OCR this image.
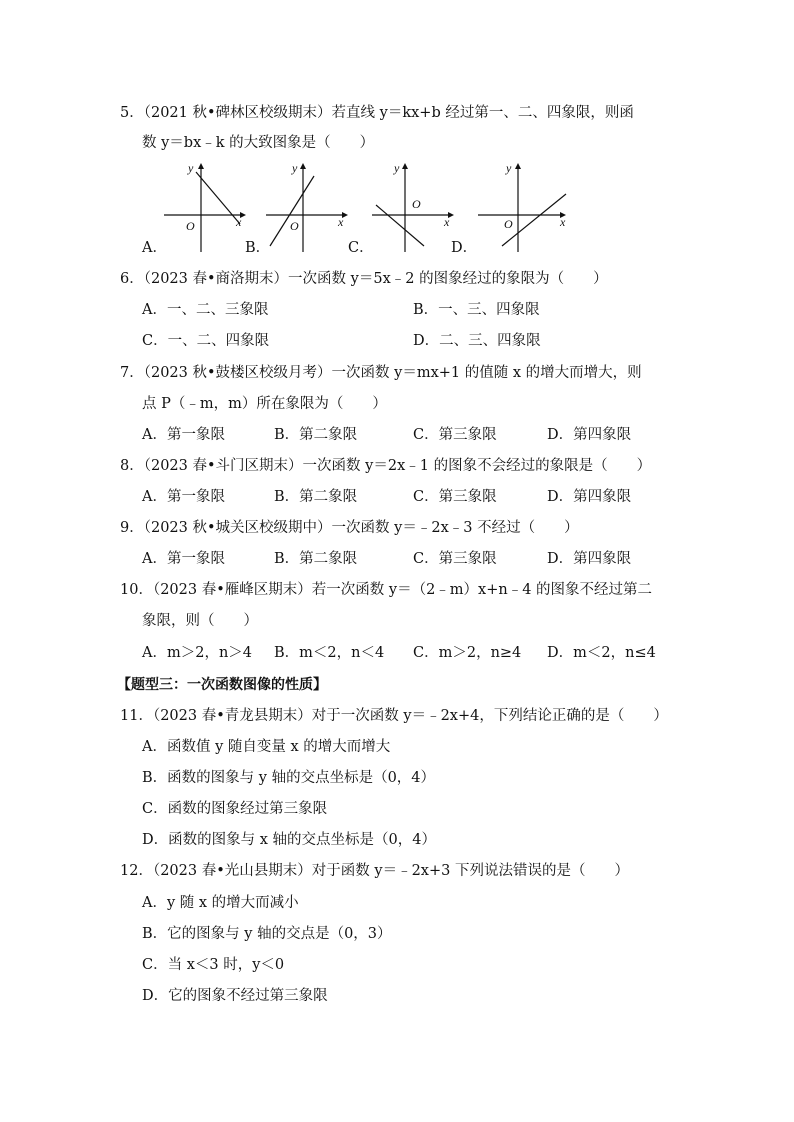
5．（2021 秋•碑林区校级期末）若直线 y＝kx+b 经过第一、二、四象限，则函
数 y＝bx﹣k 的大致图象是（　　）
A．
y
x
O
B．
y
x
O
C．
y
x
O
D．
y
x
O
6．（2023 春•商洛期末）一次函数 y＝5x﹣2 的图象经过的象限为（　　）
A．一、二、三象限	B．一、三、四象限
C．一、二、四象限	D．二、三、四象限
7．（2023 秋•鼓楼区校级月考）一次函数 y＝mx+1 的值随 x 的增大而增大，则
点 P（﹣m，m）所在象限为（　　）
A．第一象限	B．第二象限	C．第三象限	D．第四象限
8．（2023 春•斗门区期末）一次函数 y＝2x﹣1 的图象不会经过的象限是（　　）
A．第一象限	B．第二象限	C．第三象限	D．第四象限
9．（2023 秋•城关区校级期中）一次函数 y＝﹣2x﹣3 不经过（　　）
A．第一象限	B．第二象限	C．第三象限	D．第四象限
10．（2023 春•雁峰区期末）若一次函数 y＝（2﹣m）x+n﹣4 的图象不经过第二
象限，则（　　）
A．m＞2，n＞4 B．m＜2，n＜4 C．m＞2，n≥4 D．m＜2，n≤4
【题型三：一次函数图像的性质】
11．（2023 春•青龙县期末）对于一次函数 y＝﹣2x+4，下列结论正确的是（　　）
A．函数值 y 随自变量 x 的增大而增大
B．函数的图象与 y 轴的交点坐标是（0，4）
C．函数的图象经过第三象限
D．函数的图象与 x 轴的交点坐标是（0，4）
12．（2023 春•光山县期末）对于函数 y＝﹣2x+3 下列说法错误的是（　　）
A．y 随 x 的增大而减小
B．它的图象与 y 轴的交点是（0，3）
C．当 x＜3 时，y＜0
D．它的图象不经过第三象限
